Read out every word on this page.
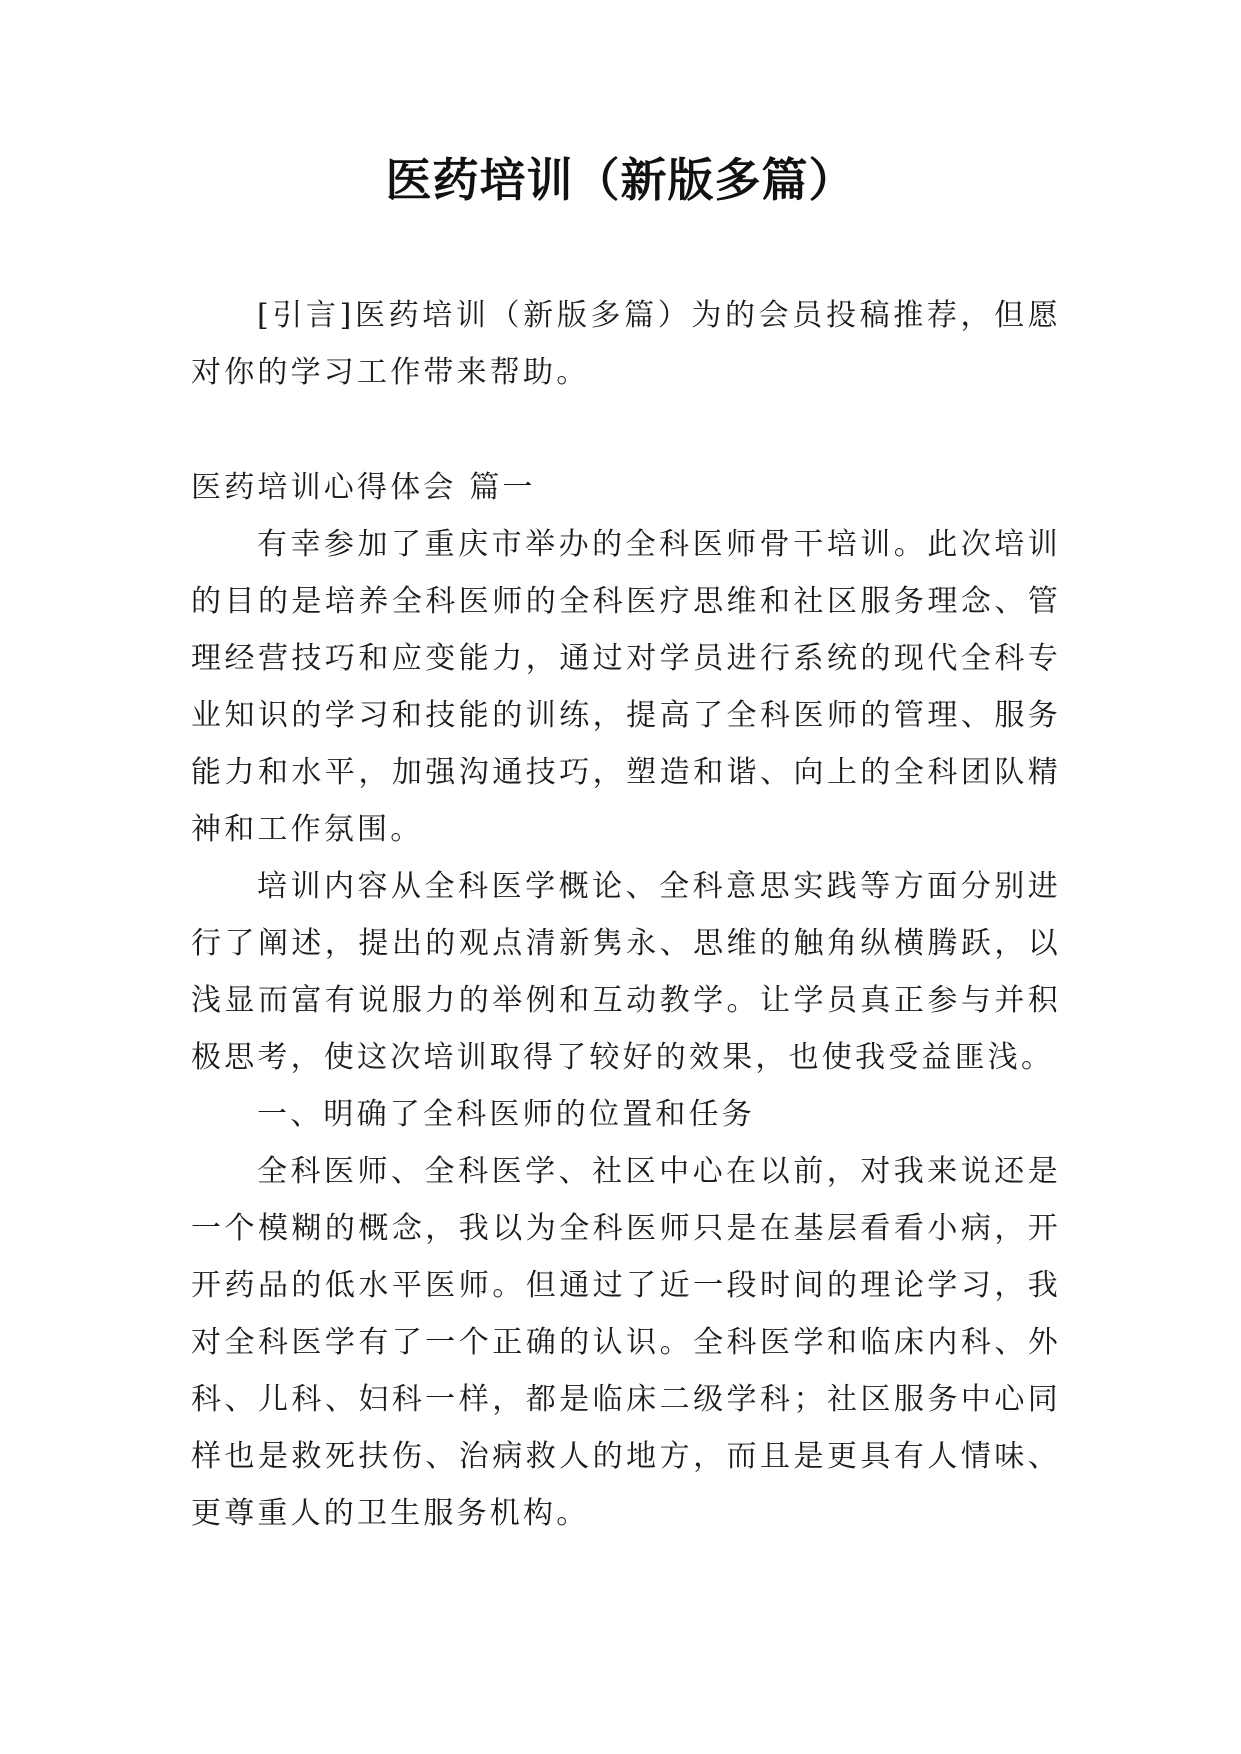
医药培训（新版多篇）

[引言]医药培训（新版多篇）为的会员投稿推荐，但愿对你的学习工作带来帮助。

医药培训心得体会 篇一

有幸参加了重庆市举办的全科医师骨干培训。此次培训的目的是培养全科医师的全科医疗思维和社区服务理念、管理经营技巧和应变能力，通过对学员进行系统的现代全科专业知识的学习和技能的训练，提高了全科医师的管理、服务能力和水平，加强沟通技巧，塑造和谐、向上的全科团队精神和工作氛围。

培训内容从全科医学概论、全科意思实践等方面分别进行了阐述，提出的观点清新隽永、思维的触角纵横腾跃，以浅显而富有说服力的举例和互动教学。让学员真正参与并积极思考，使这次培训取得了较好的效果，也使我受益匪浅。

一、明确了全科医师的位置和任务

全科医师、全科医学、社区中心在以前，对我来说还是一个模糊的概念，我以为全科医师只是在基层看看小病，开开药品的低水平医师。但通过了近一段时间的理论学习，我对全科医学有了一个正确的认识。全科医学和临床内科、外科、儿科、妇科一样，都是临床二级学科；社区服务中心同样也是救死扶伤、治病救人的地方，而且是更具有人情味、更尊重人的卫生服务机构。
